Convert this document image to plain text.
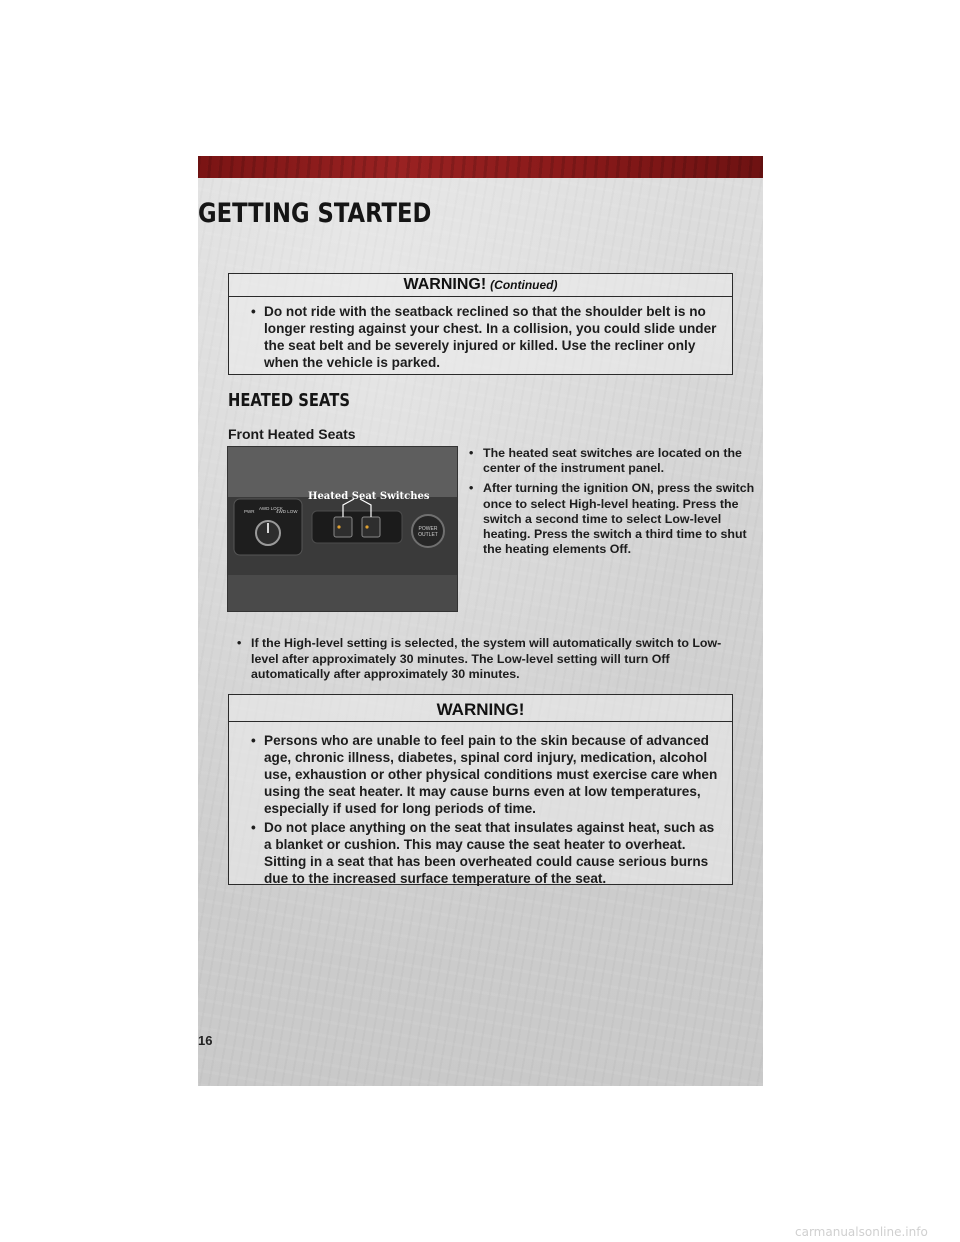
GETTING STARTED
WARNING! (Continued)
• Do not ride with the seatback reclined so that the shoulder belt is no longer resting against your chest. In a collision, you could slide under the seat belt and be severely injured or killed. Use the recliner only when the vehicle is parked.
HEATED SEATS
Front Heated Seats
PWR
AWD LOCK
4WD LOW
Heated Seat Switches
POWER
OUTLET
• The heated seat switches are located on the center of the instrument panel.
• After turning the ignition ON, press the switch once to select High-level heating. Press the switch a second time to select Low-level heating. Press the switch a third time to shut the heating elements Off.
• If the High-level setting is selected, the system will automatically switch to Low-level after approximately 30 minutes. The Low-level setting will turn Off automatically after approximately 30 minutes.
WARNING!
• Persons who are unable to feel pain to the skin because of advanced age, chronic illness, diabetes, spinal cord injury, medication, alcohol use, exhaustion or other physical conditions must exercise care when using the seat heater. It may cause burns even at low temperatures, especially if used for long periods of time.
• Do not place anything on the seat that insulates against heat, such as a blanket or cushion. This may cause the seat heater to overheat. Sitting in a seat that has been overheated could cause serious burns due to the increased surface temperature of the seat.
16
carmanualsonline.info
